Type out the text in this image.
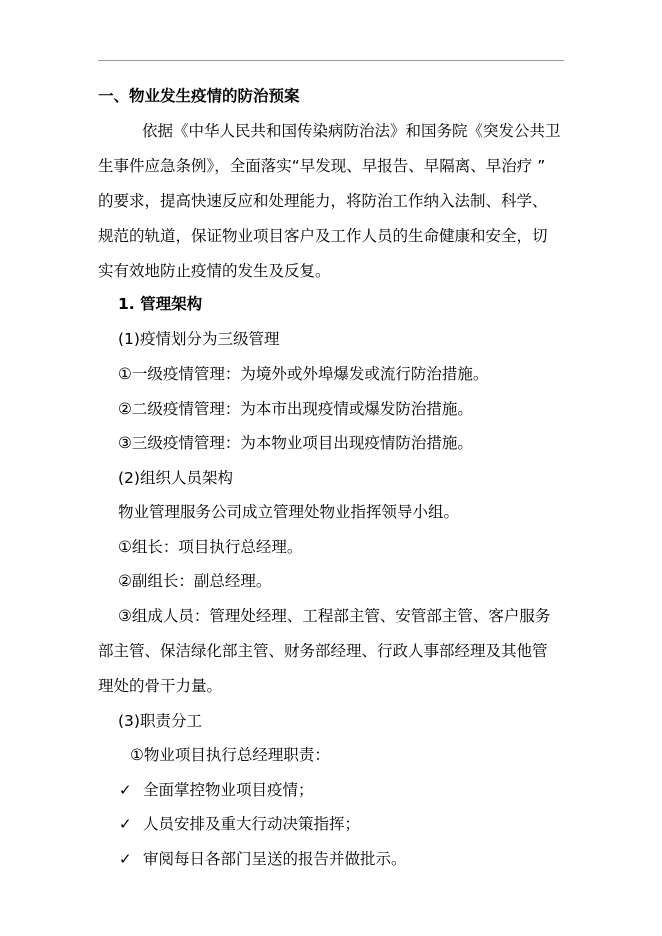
一、物业发生疫情的防治预案

依据《中华人民共和国传染病防治法》和国务院《突发公共卫

生事件应急条例》，全面落实“早发现、早报告、早隔离、早治疗 ”

的要求，提高快速反应和处理能力，将防治工作纳入法制、科学、

规范的轨道，保证物业项目客户及工作人员的生命健康和安全，切

实有效地防止疫情的发生及反复。

1. 管理架构

(1)疫情划分为三级管理

①一级疫情管理：为境外或外埠爆发或流行防治措施。

②二级疫情管理：为本市出现疫情或爆发防治措施。

③三级疫情管理：为本物业项目出现疫情防治措施。

(2)组织人员架构

物业管理服务公司成立管理处物业指挥领导小组。

①组长：项目执行总经理。

②副组长：副总经理。

③组成人员：管理处经理、工程部主管、安管部主管、客户服务

部主管、保洁绿化部主管、财务部经理、行政人事部经理及其他管

理处的骨干力量。

(3)职责分工

①物业项目执行总经理职责：

✓ 全面掌控物业项目疫情；

✓ 人员安排及重大行动决策指挥；

✓ 审阅每日各部门呈送的报告并做批示。
